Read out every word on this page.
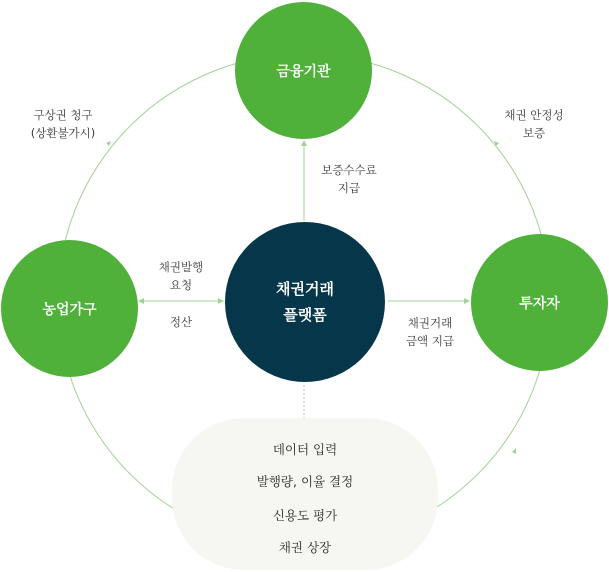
데이터 입력
발행량, 이율 결정
신용도 평가
채권 상장
금융기관
채권거래
플랫폼
농업가구	투자자
구상권 청구
(상환불가시)
채권 안정성
보증
보증수수료
지급
채권발행
요청
정산	채권거래
금액 지급
